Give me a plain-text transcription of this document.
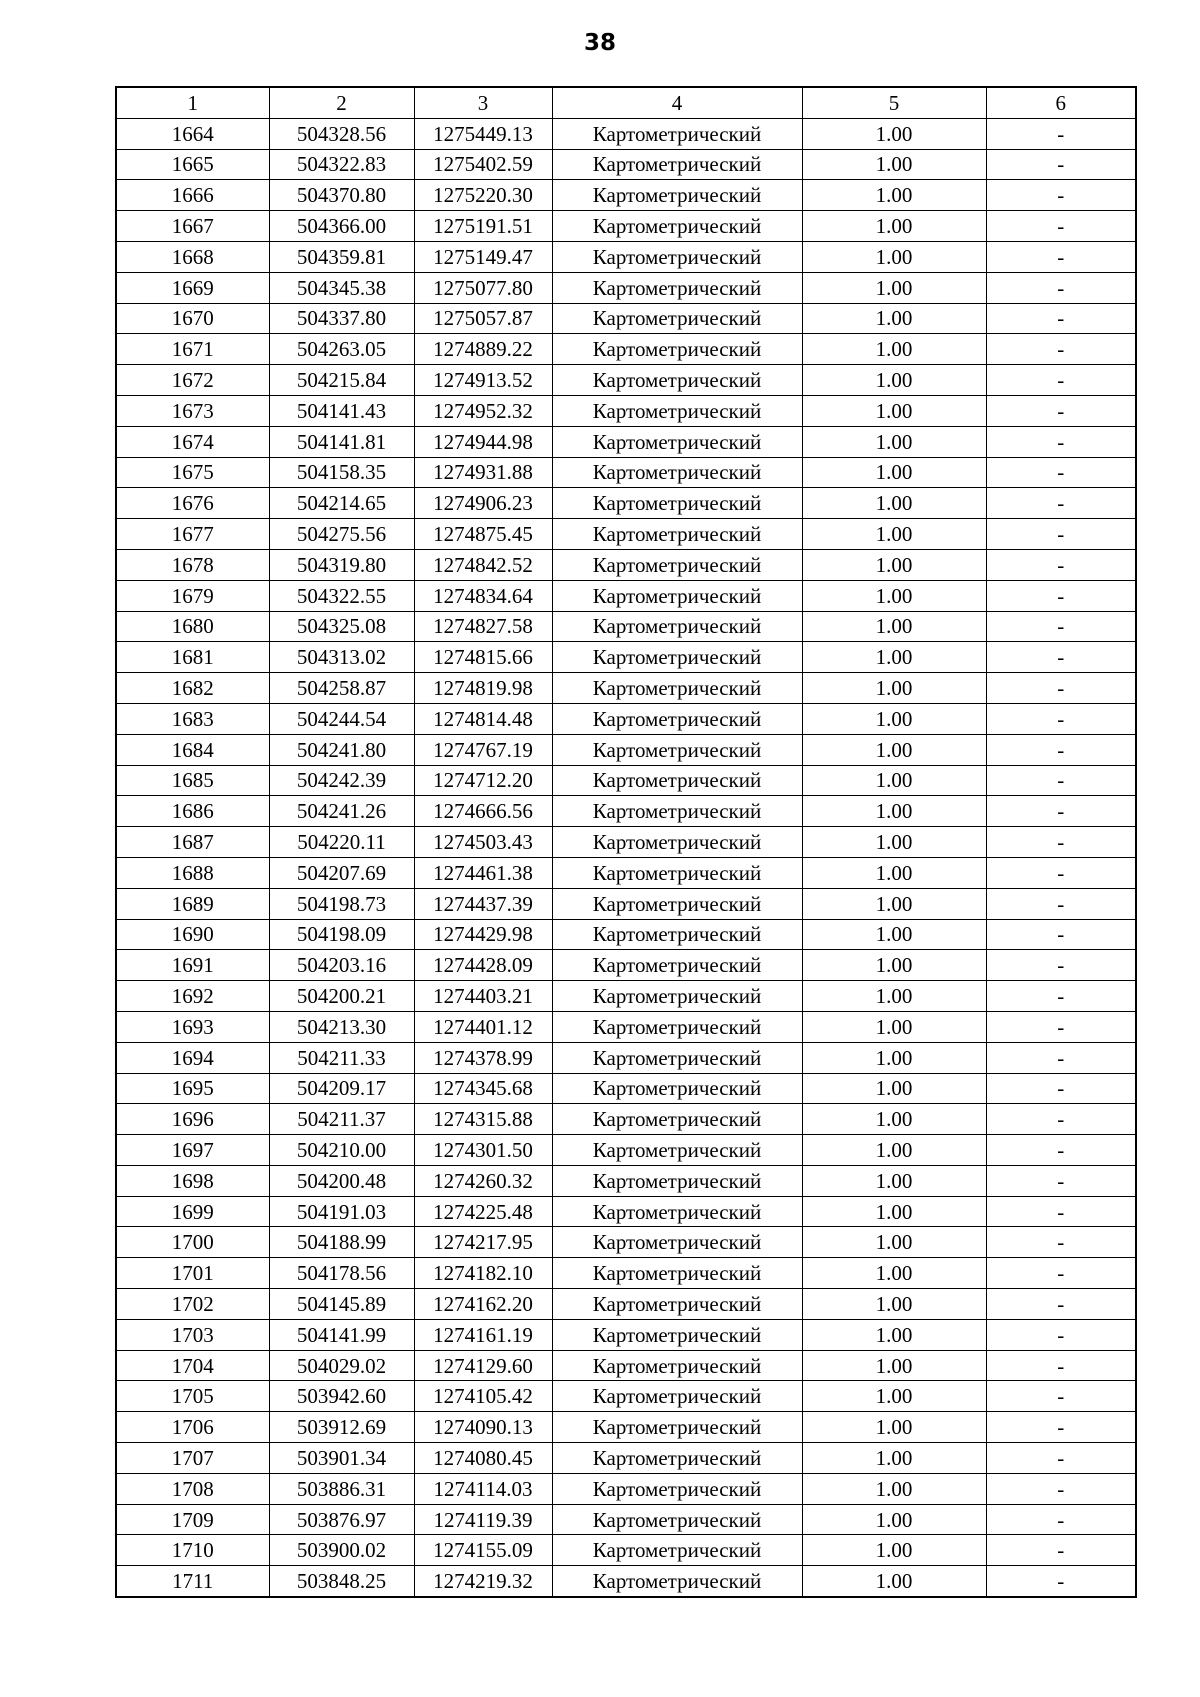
38
1	2	3	4	5	6
1664	504328.56	1275449.13	Картометрический	1.00	-
1665	504322.83	1275402.59	Картометрический	1.00	-
1666	504370.80	1275220.30	Картометрический	1.00	-
1667	504366.00	1275191.51	Картометрический	1.00	-
1668	504359.81	1275149.47	Картометрический	1.00	-
1669	504345.38	1275077.80	Картометрический	1.00	-
1670	504337.80	1275057.87	Картометрический	1.00	-
1671	504263.05	1274889.22	Картометрический	1.00	-
1672	504215.84	1274913.52	Картометрический	1.00	-
1673	504141.43	1274952.32	Картометрический	1.00	-
1674	504141.81	1274944.98	Картометрический	1.00	-
1675	504158.35	1274931.88	Картометрический	1.00	-
1676	504214.65	1274906.23	Картометрический	1.00	-
1677	504275.56	1274875.45	Картометрический	1.00	-
1678	504319.80	1274842.52	Картометрический	1.00	-
1679	504322.55	1274834.64	Картометрический	1.00	-
1680	504325.08	1274827.58	Картометрический	1.00	-
1681	504313.02	1274815.66	Картометрический	1.00	-
1682	504258.87	1274819.98	Картометрический	1.00	-
1683	504244.54	1274814.48	Картометрический	1.00	-
1684	504241.80	1274767.19	Картометрический	1.00	-
1685	504242.39	1274712.20	Картометрический	1.00	-
1686	504241.26	1274666.56	Картометрический	1.00	-
1687	504220.11	1274503.43	Картометрический	1.00	-
1688	504207.69	1274461.38	Картометрический	1.00	-
1689	504198.73	1274437.39	Картометрический	1.00	-
1690	504198.09	1274429.98	Картометрический	1.00	-
1691	504203.16	1274428.09	Картометрический	1.00	-
1692	504200.21	1274403.21	Картометрический	1.00	-
1693	504213.30	1274401.12	Картометрический	1.00	-
1694	504211.33	1274378.99	Картометрический	1.00	-
1695	504209.17	1274345.68	Картометрический	1.00	-
1696	504211.37	1274315.88	Картометрический	1.00	-
1697	504210.00	1274301.50	Картометрический	1.00	-
1698	504200.48	1274260.32	Картометрический	1.00	-
1699	504191.03	1274225.48	Картометрический	1.00	-
1700	504188.99	1274217.95	Картометрический	1.00	-
1701	504178.56	1274182.10	Картометрический	1.00	-
1702	504145.89	1274162.20	Картометрический	1.00	-
1703	504141.99	1274161.19	Картометрический	1.00	-
1704	504029.02	1274129.60	Картометрический	1.00	-
1705	503942.60	1274105.42	Картометрический	1.00	-
1706	503912.69	1274090.13	Картометрический	1.00	-
1707	503901.34	1274080.45	Картометрический	1.00	-
1708	503886.31	1274114.03	Картометрический	1.00	-
1709	503876.97	1274119.39	Картометрический	1.00	-
1710	503900.02	1274155.09	Картометрический	1.00	-
1711	503848.25	1274219.32	Картометрический	1.00	-
